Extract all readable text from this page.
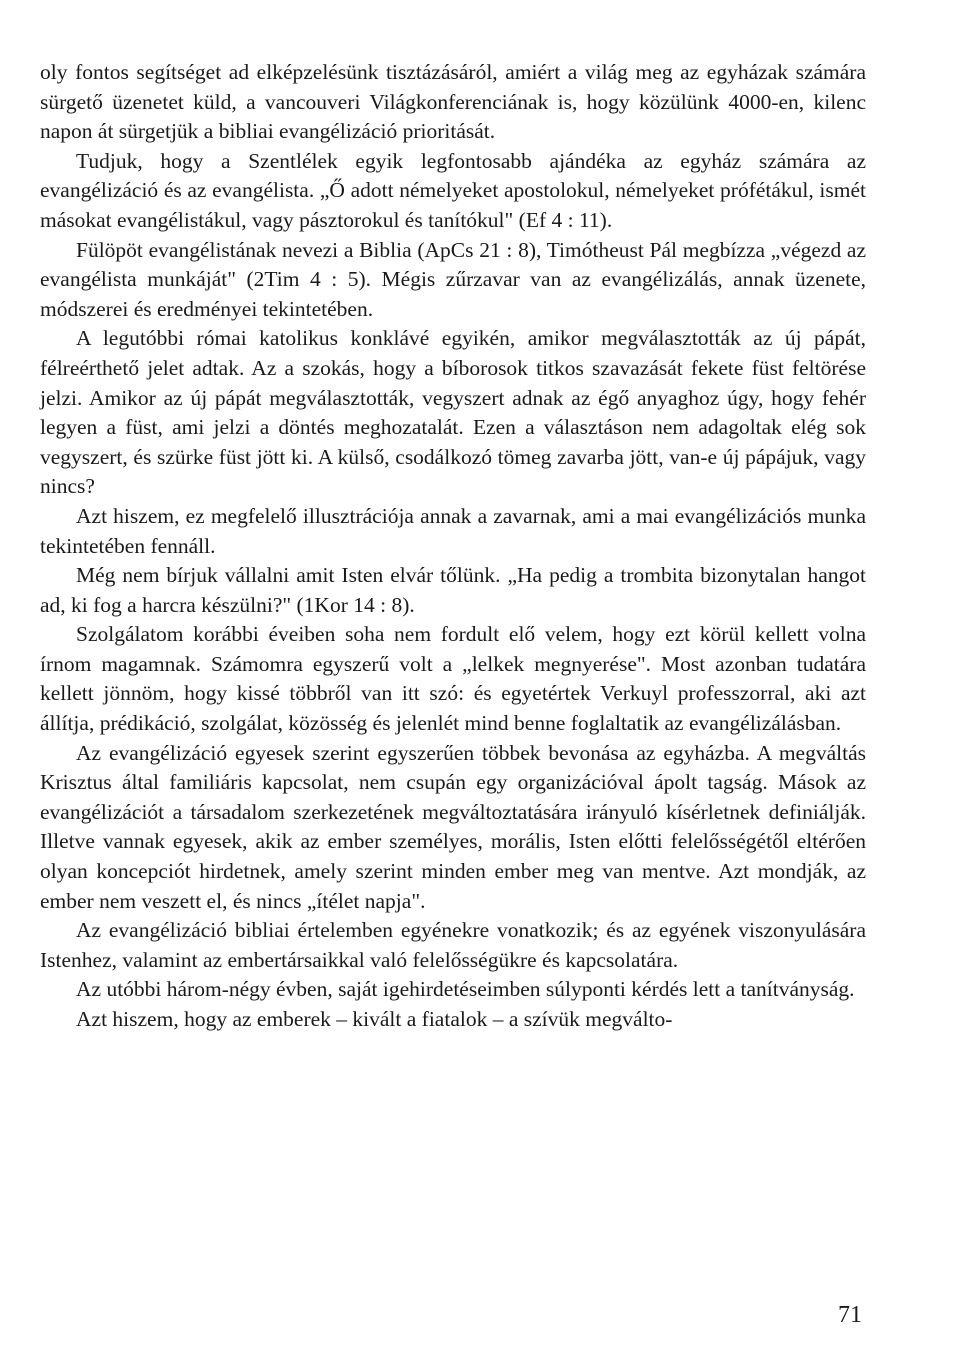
oly fontos segítséget ad elképzelésünk tisztázásáról, amiért a világ meg az egyházak számára sürgető üzenetet küld, a vancouveri Világkonferenciának is, hogy közülünk 4000-en, kilenc napon át sürgetjük a bibliai evangélizáció prioritását.

Tudjuk, hogy a Szentlélek egyik legfontosabb ajándéka az egyház számára az evangélizáció és az evangélista. „Ő adott némelyeket apostolokul, némelyeket prófétákul, ismét másokat evangélistákul, vagy pásztorokul és tanítókul" (Ef 4 : 11).

Fülöpöt evangélistának nevezi a Biblia (ApCs 21 : 8), Timótheust Pál megbízza „végezd az evangélista munkáját" (2Tim 4 : 5). Mégis zűrzavar van az evangélizálás, annak üzenete, módszerei és eredményei tekintetében.

A legutóbbi római katolikus konklávé egyikén, amikor megválasztották az új pápát, félreérthető jelet adtak. Az a szokás, hogy a bíborosok titkos szavazását fekete füst feltörése jelzi. Amikor az új pápát megválasztották, vegyszert adnak az égő anyaghoz úgy, hogy fehér legyen a füst, ami jelzi a döntés meghozatalát. Ezen a választáson nem adagoltak elég sok vegyszert, és szürke füst jött ki. A külső, csodálkozó tömeg zavarba jött, van-e új pápájuk, vagy nincs?

Azt hiszem, ez megfelelő illusztrációja annak a zavarnak, ami a mai evangélizációs munka tekintetében fennáll.

Még nem bírjuk vállalni amit Isten elvár tőlünk. „Ha pedig a trombita bizonytalan hangot ad, ki fog a harcra készülni?" (1Kor 14 : 8).

Szolgálatom korábbi éveiben soha nem fordult elő velem, hogy ezt körül kellett volna írnom magamnak. Számomra egyszerű volt a „lelkek megnyerése". Most azonban tudatára kellett jönnöm, hogy kissé többről van itt szó: és egyetértek Verkuyl professzorral, aki azt állítja, prédikáció, szolgálat, közösség és jelenlét mind benne foglaltatik az evangélizálásban.

Az evangélizáció egyesek szerint egyszerűen többek bevonása az egyházba. A megváltás Krisztus által familiáris kapcsolat, nem csupán egy organizációval ápolt tagság. Mások az evangélizációt a társadalom szerkezetének megváltoztatására irányuló kísérletnek definiálják. Illetve vannak egyesek, akik az ember személyes, morális, Isten előtti felelősségétől eltérően olyan koncepciót hirdetnek, amely szerint minden ember meg van mentve. Azt mondják, az ember nem veszett el, és nincs „ítélet napja".

Az evangélizáció bibliai értelemben egyénekre vonatkozik; és az egyének viszonyulására Istenhez, valamint az embertársaikkal való felelősségükre és kapcsolatára.

Az utóbbi három-négy évben, saját igehirdetéseimben súlyponti kérdés lett a tanítványság.

Azt hiszem, hogy az emberek – kivált a fiatalok – a szívük megválto-

71
